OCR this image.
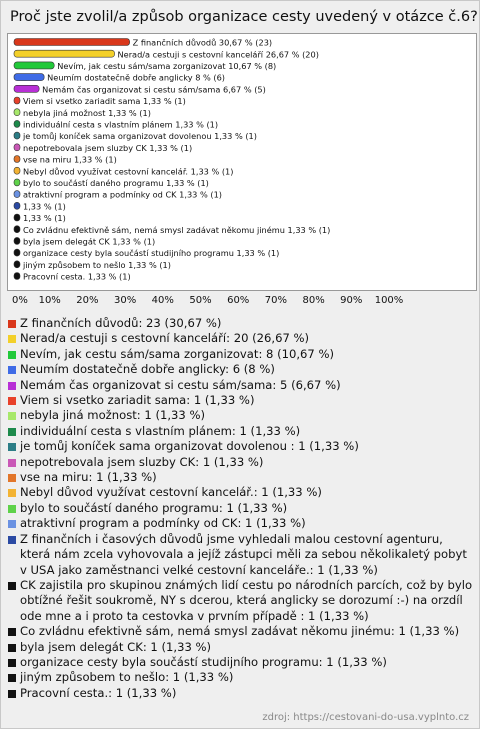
Proč jste zvolil/a způsob organizace cesty uvedený v otázce č.6?
Z finančních důvodů 30,67 % (23)
Nerad/a cestuji s cestovní kanceláří 26,67 % (20)
Nevím, jak cestu sám/sama zorganizovat 10,67 % (8)
Neumím dostatečně dobře anglicky 8 % (6)
Nemám čas organizovat si cestu sám/sama 6,67 % (5)
Viem si vsetko zariadit sama 1,33 % (1)
nebyla jiná možnost 1,33 % (1)
individuální cesta s vlastním plánem 1,33 % (1)
je tomůj koníček sama organizovat dovolenou 1,33 % (1)
nepotrebovala jsem sluzby CK 1,33 % (1)
vse na miru 1,33 % (1)
Nebyl důvod využívat cestovní kancelář. 1,33 % (1)
bylo to součástí daného programu 1,33 % (1)
atraktivní program a podmínky od CK 1,33 % (1)
1,33 % (1)
1,33 % (1)
Co zvládnu efektivně sám, nemá smysl zadávat někomu jinému 1,33 % (1)
byla jsem delegát CK 1,33 % (1)
organizace cesty byla součástí studijního programu 1,33 % (1)
jiným způsobem to nešlo 1,33 % (1)
Pracovní cesta. 1,33 % (1)
Z finančních důvodů: 23 (30,67 %)
Nerad/a cestuji s cestovní kanceláří: 20 (26,67 %)
Nevím, jak cestu sám/sama zorganizovat: 8 (10,67 %)
Neumím dostatečně dobře anglicky: 6 (8 %)
Nemám čas organizovat si cestu sám/sama: 5 (6,67 %)
Viem si vsetko zariadit sama: 1 (1,33 %)
nebyla jiná možnost: 1 (1,33 %)
individuální cesta s vlastním plánem: 1 (1,33 %)
je tomůj koníček sama organizovat dovolenou : 1 (1,33 %)
nepotrebovala jsem sluzby CK: 1 (1,33 %)
vse na miru: 1 (1,33 %)
Nebyl důvod využívat cestovní kancelář.: 1 (1,33 %)
bylo to součástí daného programu: 1 (1,33 %)
atraktivní program a podmínky od CK: 1 (1,33 %)
Z finančních i časových důvodů jsme vyhledali malou cestovní agenturu, která nám zcela vyhovovala a jejíž zástupci měli za sebou několikaletý pobyt v USA jako zaměstnanci velké cestovní kanceláře.: 1 (1,33 %)
CK zajistila pro skupinou známých lidí cestu po národních parcích, což by bylo obtížné řešit soukromě, NY s dcerou, která anglicky se dorozumí :-) na orzdíl ode mne a i proto ta cestovka v prvním případě : 1 (1,33 %)
Co zvládnu efektivně sám, nemá smysl zadávat někomu jinému: 1 (1,33 %)
byla jsem delegát CK: 1 (1,33 %)
organizace cesty byla součástí studijního programu: 1 (1,33 %)
jiným způsobem to nešlo: 1 (1,33 %)
Pracovní cesta.: 1 (1,33 %)
zdroj: https://cestovani-do-usa.vyplnto.cz
0% 10% 20% 30% 40% 50% 60% 70% 80% 90% 100%
